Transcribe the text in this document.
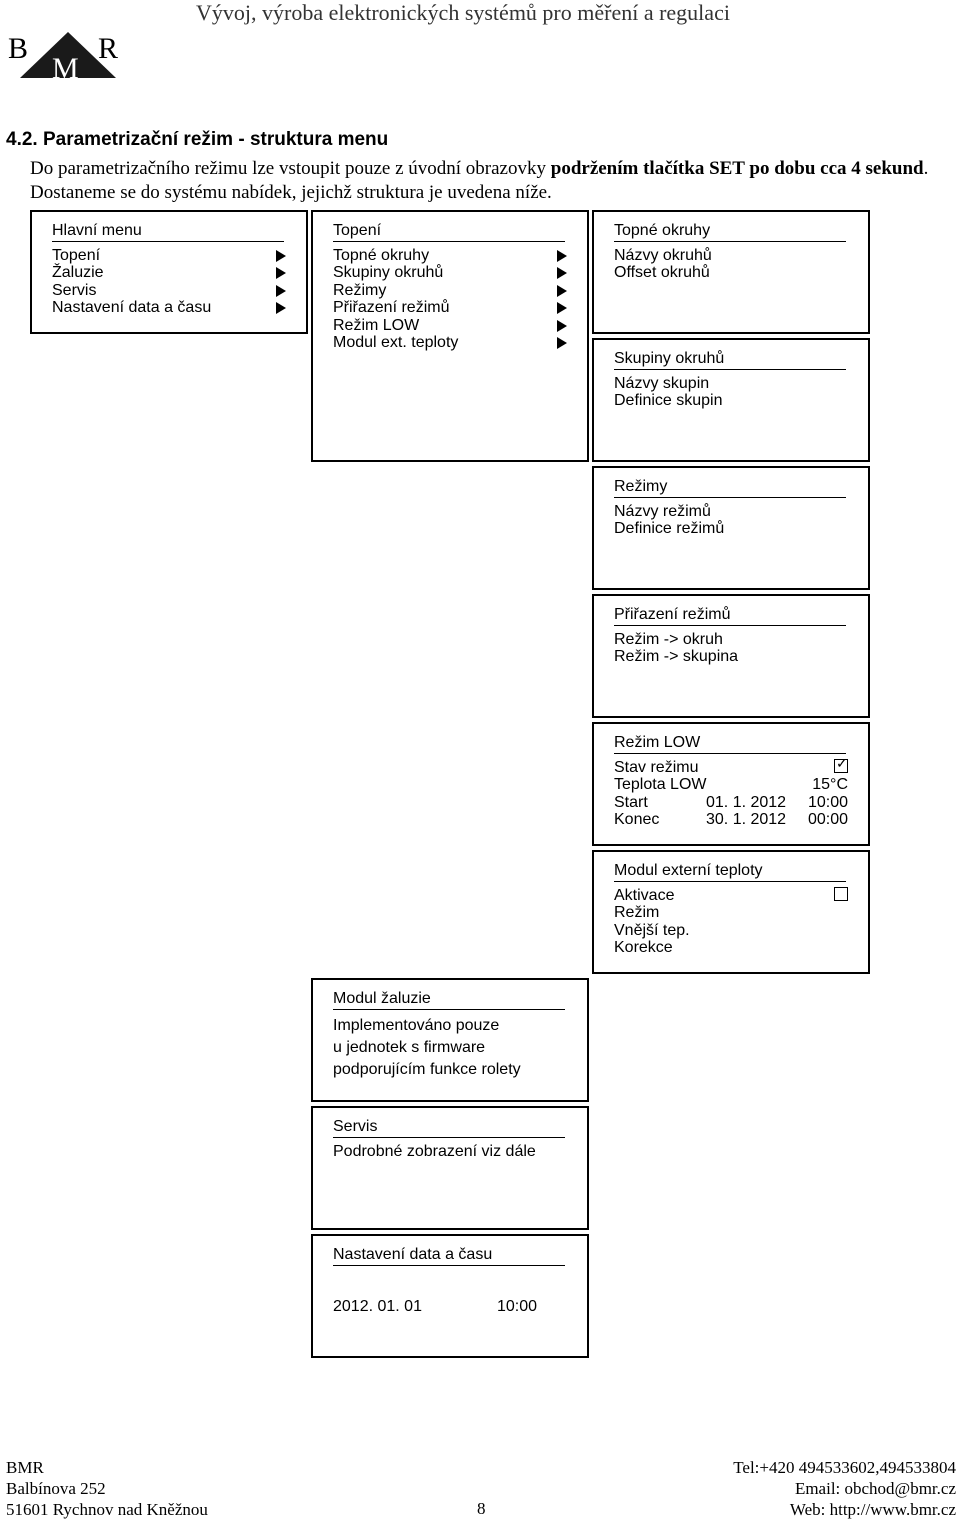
Vývoj, výroba elektronických systémů pro měření a regulaci
B R
M
4.2. Parametrizační režim - struktura menu
Do parametrizačního režimu lze vstoupit pouze z úvodní obrazovky podržením tlačítka SET po dobu cca 4 sekund.
Dostaneme se do systému nabídek, jejichž struktura je uvedena níže.
Hlavní menu
Topení
Žaluzie
Servis
Nastavení data a času
Topení
Topné okruhy
Skupiny okruhů
Režimy
Přiřazení režimů
Režim LOW
Modul ext. teploty
Topné okruhy
Názvy okruhů
Offset okruhů
Skupiny okruhů
Názvy skupin
Definice skupin
Režimy
Názvy režimů
Definice režimů
Přiřazení režimů
Režim -> okruh
Režim -> skupina
Režim LOW
Stav režimu	✓
Teplota LOW	15°C
Start	01. 1. 2012 10:00
Konec	30. 1. 2012 00:00
Modul externí teploty
Aktivace
Režim
Vnější tep.
Korekce
Modul žaluzie
Implementováno pouze
u jednotek s firmware
podporujícím funkce rolety
Servis
Podrobné zobrazení viz dále
Nastavení data a času
2012. 01. 01	10:00
BMR
Balbínova 252
51601 Rychnov nad Kněžnou	8
Tel:+420 494533602,494533804
Email: obchod@bmr.cz
Web: http://www.bmr.cz
